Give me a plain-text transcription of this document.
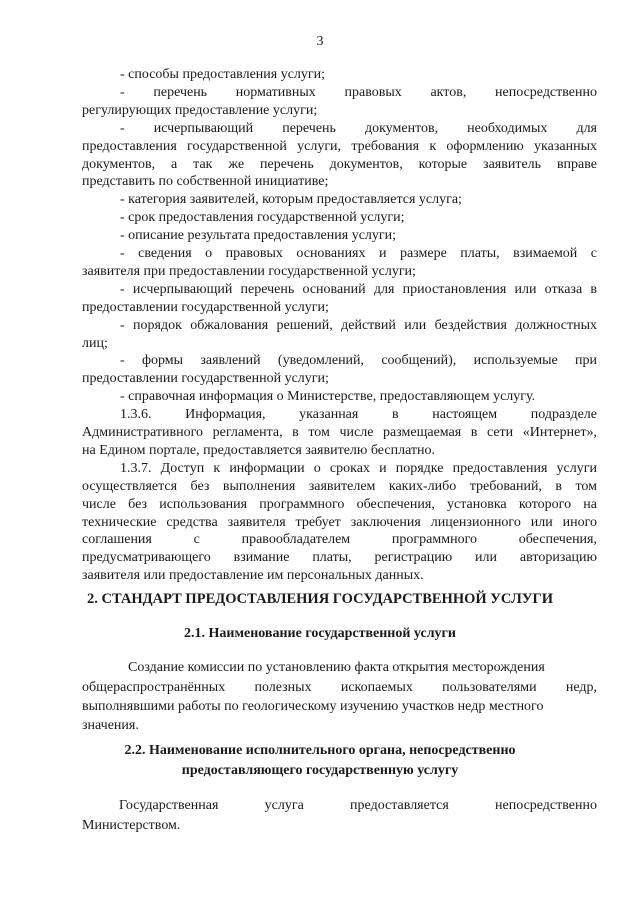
3
- способы предоставления услуги;
- перечень нормативных правовых актов, непосредственно
регулирующих предоставление услуги;
- исчерпывающий перечень документов, необходимых для
предоставления государственной услуги, требования к оформлению указанных
документов, а так же перечень документов, которые заявитель вправе
представить по собственной инициативе;
- категория заявителей, которым предоставляется услуга;
- срок предоставления государственной услуги;
- описание результата предоставления услуги;
- сведения о правовых основаниях и размере платы, взимаемой с
заявителя при предоставлении государственной услуги;
- исчерпывающий перечень оснований для приостановления или отказа в
предоставлении государственной услуги;
- порядок обжалования решений, действий или бездействия должностных
лиц;
- формы заявлений (уведомлений, сообщений), используемые при
предоставлении государственной услуги;
- справочная информация о Министерстве, предоставляющем услугу.
1.3.6. Информация, указанная в настоящем подразделе
Административного регламента, в том числе размещаемая в сети «Интернет»,
на Едином портале, предоставляется заявителю бесплатно.
1.3.7. Доступ к информации о сроках и порядке предоставления услуги
осуществляется без выполнения заявителем каких-либо требований, в том
числе без использования программного обеспечения, установка которого на
технические средства заявителя требует заключения лицензионного или иного
соглашения с правообладателем программного обеспечения,
предусматривающего взимание платы, регистрацию или авторизацию
заявителя или предоставление им персональных данных.
2. СТАНДАРТ ПРЕДОСТАВЛЕНИЯ ГОСУДАРСТВЕННОЙ УСЛУГИ
2.1. Наименование государственной услуги
Создание комиссии по установлению факта открытия месторождения
общераспространённых полезных ископаемых пользователями недр,
выполнявшими работы по геологическому изучению участков недр местного
значения.
2.2. Наименование исполнительного органа, непосредственно
предоставляющего государственную услугу
Государственная услуга предоставляется непосредственно
Министерством.
